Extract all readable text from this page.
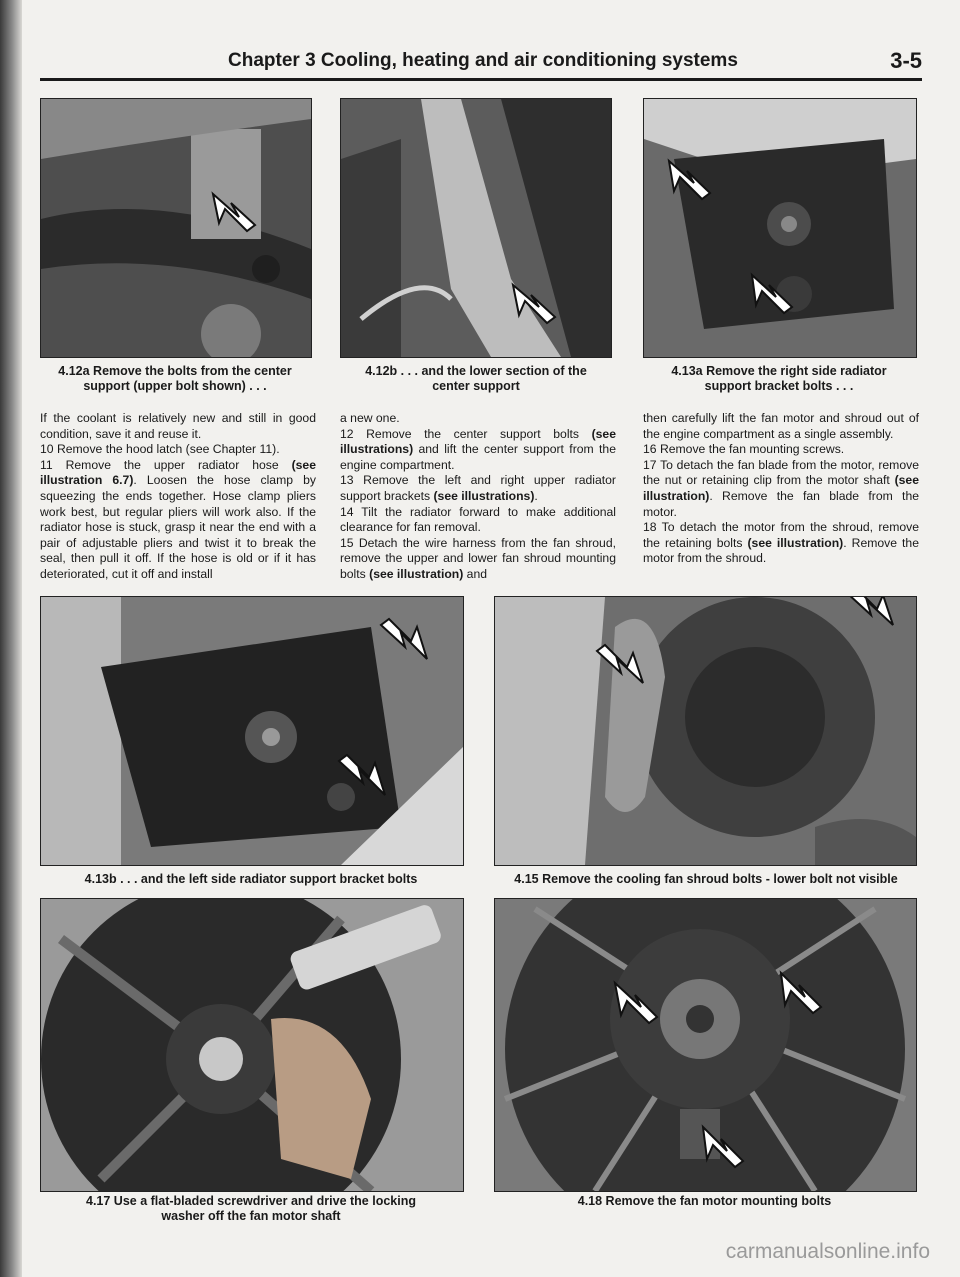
Chapter 3 Cooling, heating and air conditioning systems	3-5
4.12a Remove the bolts from the center
support (upper bolt shown) . . .
4.12b . . . and the lower section of the
center support
4.13a Remove the right side radiator
support bracket bolts . . .

If the coolant is relatively new and still in good condition, save it and reuse it.

10 Remove the hood latch (see Chapter 11).

11 Remove the upper radiator hose (see illustration 6.7). Loosen the hose clamp by squeezing the ends together. Hose clamp pliers work best, but regular pliers will work also. If the radiator hose is stuck, grasp it near the end with a pair of adjustable pliers and twist it to break the seal, then pull it off. If the hose is old or if it has deteriorated, cut it off and install

a new one.

12 Remove the center support bolts (see illustrations) and lift the center support from the engine compartment.

13 Remove the left and right upper radiator support brackets (see illustrations).

14 Tilt the radiator forward to make additional clearance for fan removal.

15 Detach the wire harness from the fan shroud, remove the upper and lower fan shroud mounting bolts (see illustration) and

then carefully lift the fan motor and shroud out of the engine compartment as a single assembly.

16 Remove the fan mounting screws.

17 To detach the fan blade from the motor, remove the nut or retaining clip from the motor shaft (see illustration). Remove the fan blade from the motor.

18 To detach the motor from the shroud, remove the retaining bolts (see illustration). Remove the motor from the shroud.

4.13b . . . and the left side radiator support bracket bolts	4.15 Remove the cooling fan shroud bolts - lower bolt not visible
4.17 Use a flat-bladed screwdriver and drive the locking
washer off the fan motor shaft
4.18 Remove the fan motor mounting bolts
carmanualsonline.info
